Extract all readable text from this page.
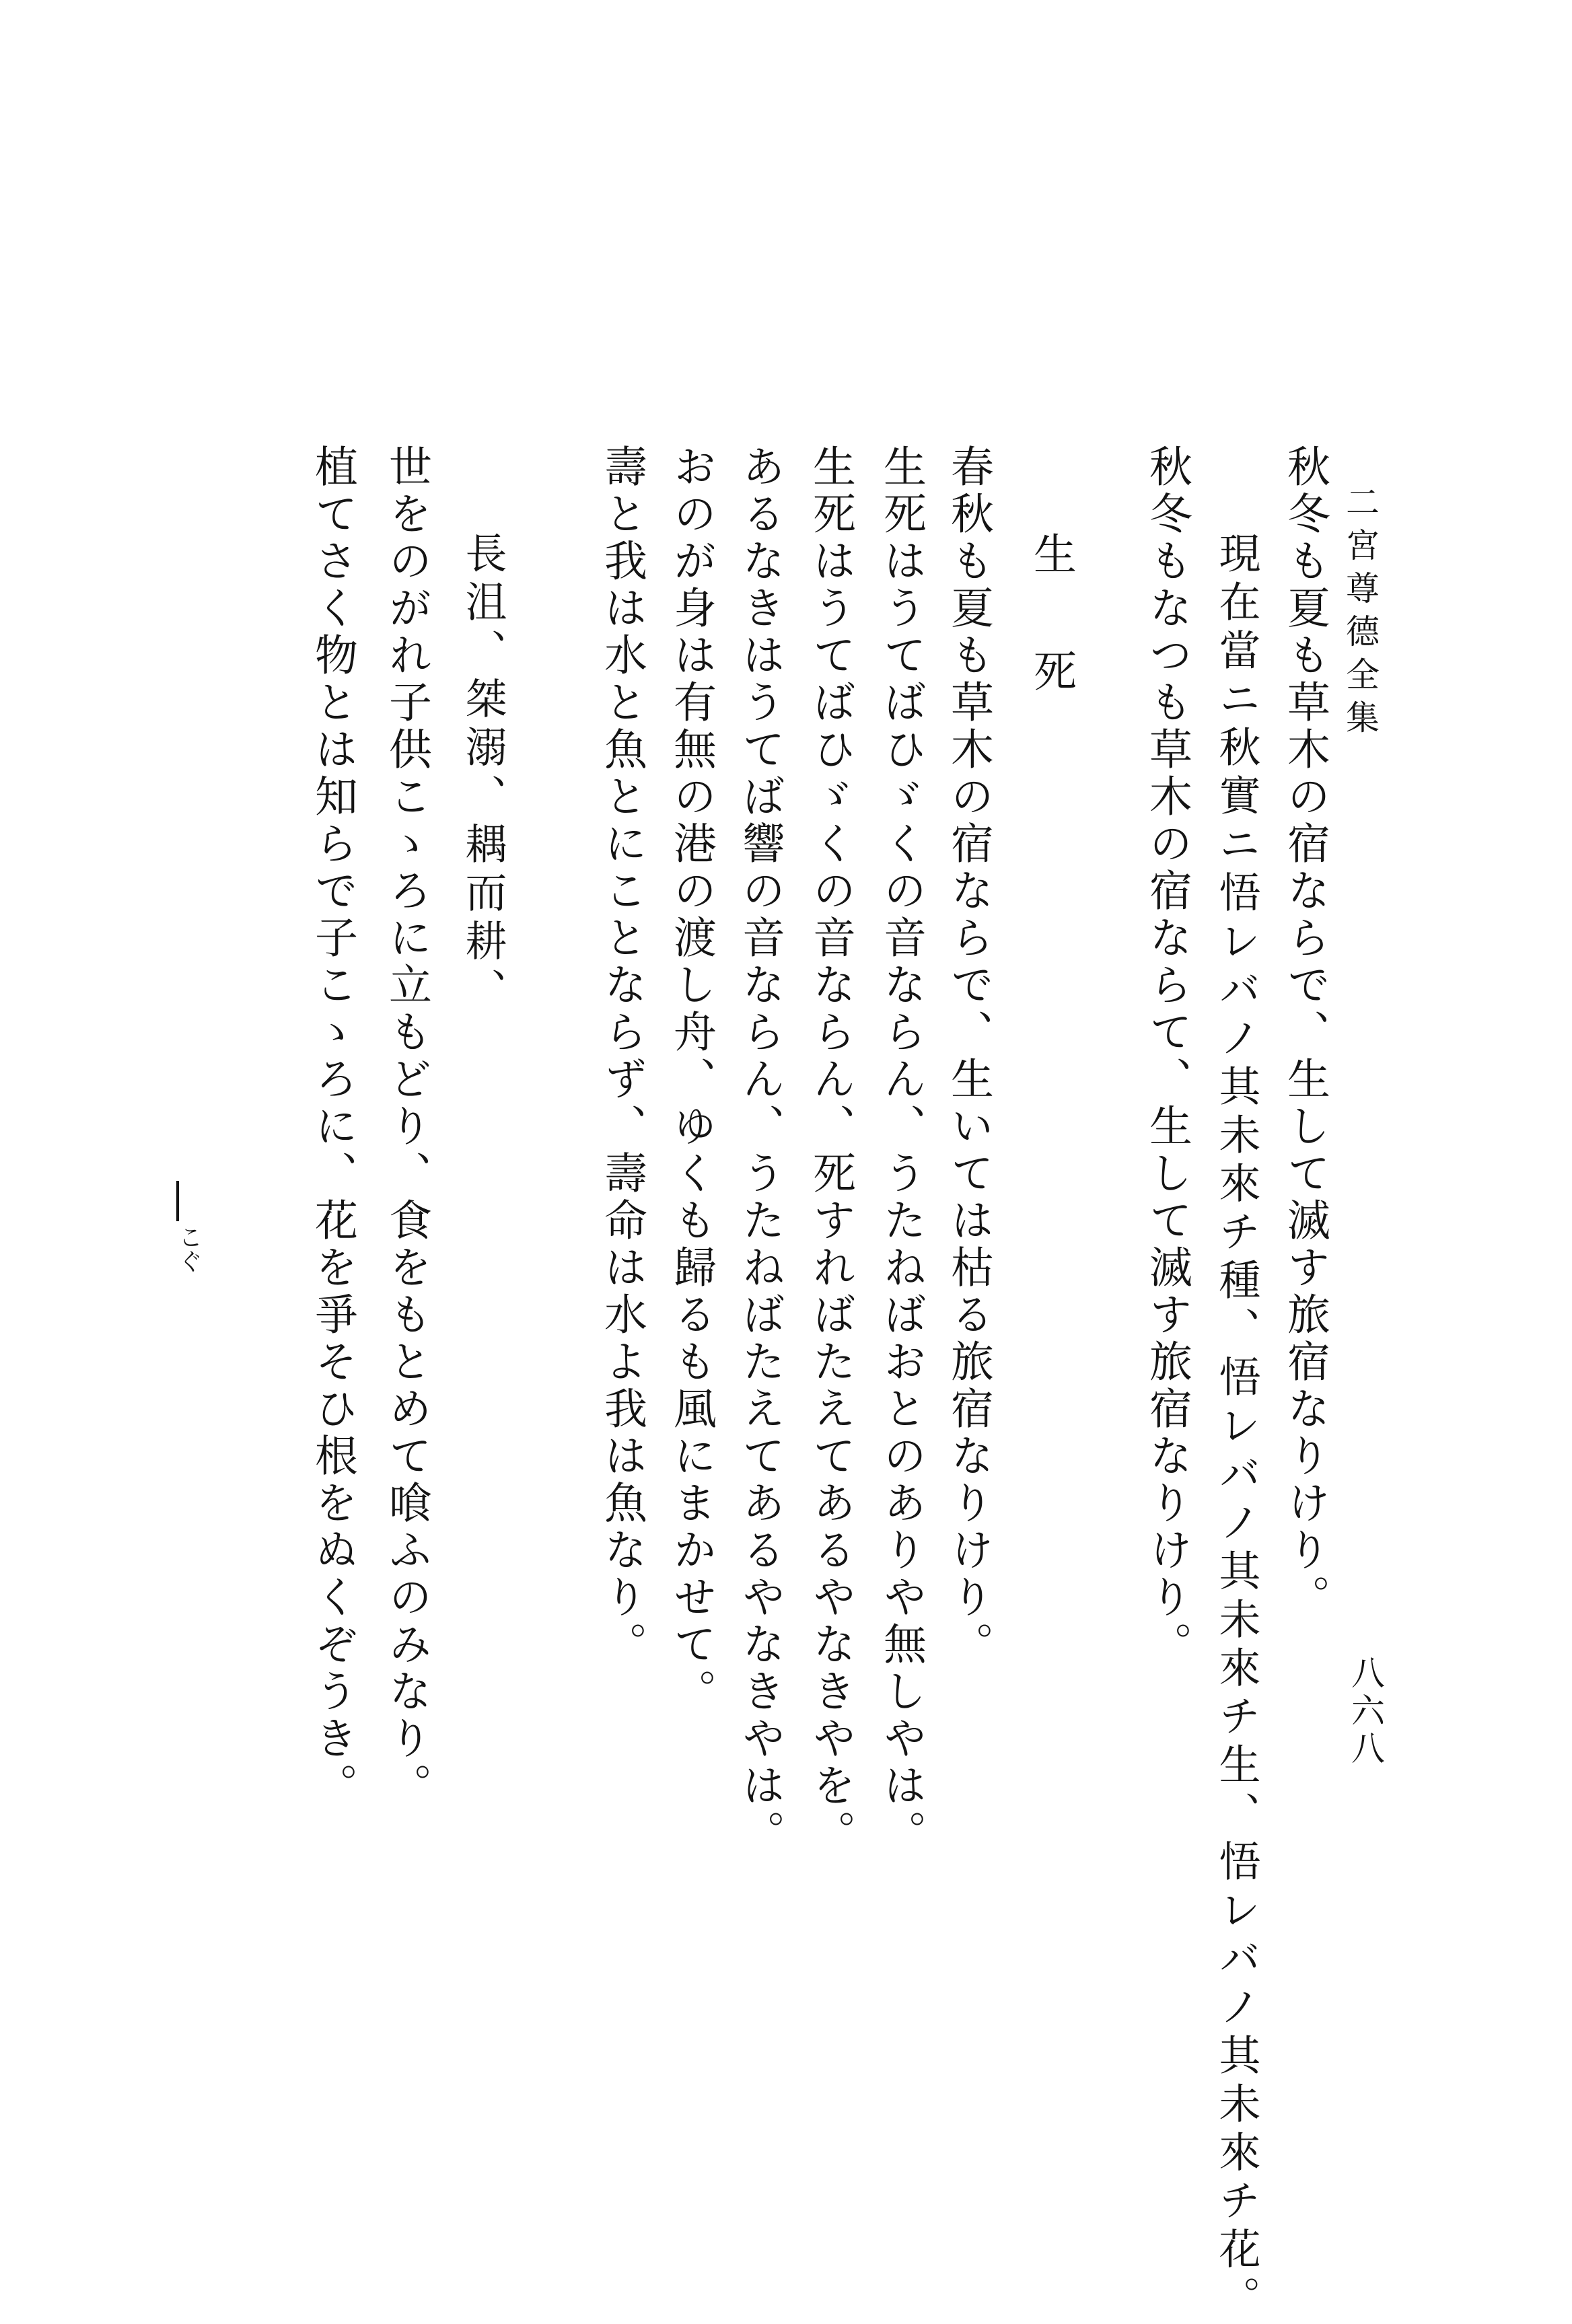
二宮尊德全集

秋冬も夏も草木の宿ならで、生して滅す旅宿なりけり。

現在當ニ秋實ニ悟レバノ其未來チ種、悟レバノ其未來チ生、悟レバノ其未來チ花。

秋冬もなつも草木の宿ならて、生して滅す旅宿なりけり。

生死

春秋も夏も草木の宿ならで、生いては枯る旅宿なりけり。

生死はうてばひゞくの音ならん、うたねばおとのありや無しやは。

生死はうてばひゞくの音ならん、死すればたえてあるやなきやを。

あるなきはうてば響の音ならん、うたねばたえてあるやなきやは。

おのが身は有無の港の渡し舟、ゆくも歸るも風にまかせて。

壽と我は水と魚とにことならず、壽命は水よ我は魚なり。

長沮、桀溺、耦而耕、

世をのがれ子供こゝろに立もどり、食をもとめて喰ふのみなり。

植てさく物とは知らで子こゝろに、花を爭そひ根をぬくぞうき。

こぐ

八六八
